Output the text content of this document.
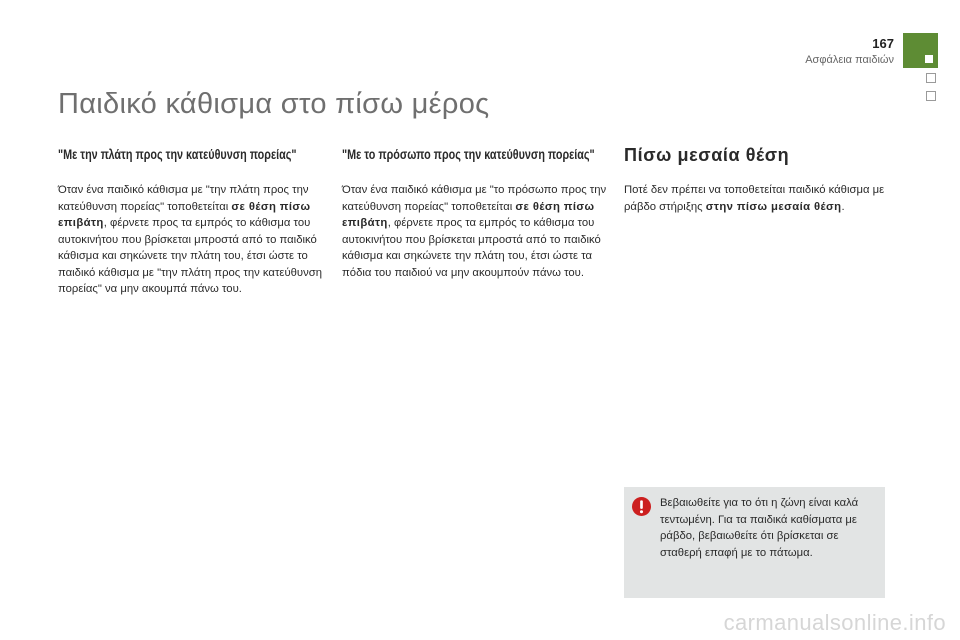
167

Ασφάλεια παιδιών

Παιδικό κάθισμα στο πίσω μέρος
"Με την πλάτη προς την κατεύθυνση πορείας"

Όταν ένα παιδικό κάθισμα με "την πλάτη προς την κατεύθυνση πορείας" τοποθετείται σε θέση πίσω επιβάτη, φέρνετε προς τα εμπρός το κάθισμα του αυτοκινήτου που βρίσκεται μπροστά από το παιδικό κάθισμα και σηκώνετε την πλάτη του, έτσι ώστε το παιδικό κάθισμα με "την πλάτη προς την κατεύθυνση πορείας" να μην ακουμπά πάνω του.

"Με το πρόσωπο προς την κατεύθυνση πορείας"

Όταν ένα παιδικό κάθισμα με "το πρόσωπο προς την κατεύθυνση πορείας" τοποθετείται σε θέση πίσω επιβάτη, φέρνετε προς τα εμπρός το κάθισμα του αυτοκινήτου που βρίσκεται μπροστά από το παιδικό κάθισμα και σηκώνετε την πλάτη του, έτσι ώστε τα πόδια του παιδιού να μην ακουμπούν πάνω του.

Πίσω μεσαία θέση

Ποτέ δεν πρέπει να τοποθετείται παιδικό κάθισμα με ράβδο στήριξης στην πίσω μεσαία θέση.

Βεβαιωθείτε για το ότι η ζώνη είναι καλά τεντωμένη. Για τα παιδικά καθίσματα με ράβδο, βεβαιωθείτε ότι βρίσκεται σε σταθερή επαφή με το πάτωμα.

carmanualsonline.info
